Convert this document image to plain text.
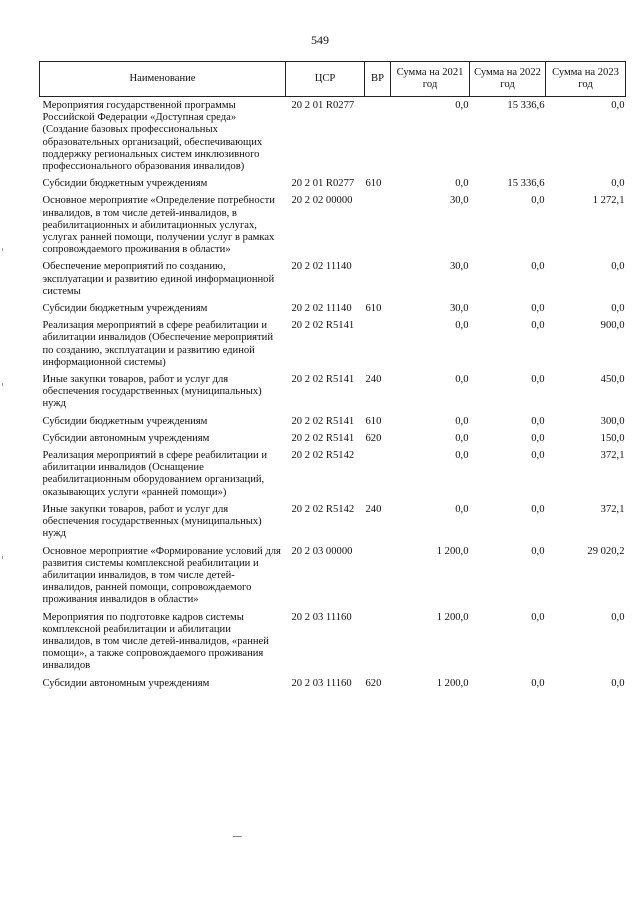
549
Наименование	ЦСР	ВР	Сумма на 2021 год	Сумма на 2022 год	Сумма на 2023 год
Мероприятия государственной программы Российской Федерации «Доступная среда» (Создание базовых профессиональных образовательных организаций, обеспечивающих поддержку региональных систем инклюзивного профессионального образования инвалидов)	20 2 01 R0277		0,0	15 336,6	0,0
Субсидии бюджетным учреждениям	20 2 01 R0277	610	0,0	15 336,6	0,0
Основное мероприятие «Определение потребности инвалидов, в том числе детей-инвалидов, в реабилитационных и абилитационных услугах, услугах ранней помощи, получении услуг в рамках сопровождаемого проживания в области»	20 2 02 00000		30,0	0,0	1 272,1
Обеспечение мероприятий по созданию, эксплуатации и развитию единой информационной системы	20 2 02 11140		30,0	0,0	0,0
Субсидии бюджетным учреждениям	20 2 02 11140	610	30,0	0,0	0,0
Реализация мероприятий в сфере реабилитации и абилитации инвалидов (Обеспечение мероприятий по созданию, эксплуатации и развитию единой информационной системы)	20 2 02 R5141		0,0	0,0	900,0
Иные закупки товаров, работ и услуг для обеспечения государственных (муниципальных) нужд	20 2 02 R5141	240	0,0	0,0	450,0
Субсидии бюджетным учреждениям	20 2 02 R5141	610	0,0	0,0	300,0
Субсидии автономным учреждениям	20 2 02 R5141	620	0,0	0,0	150,0
Реализация мероприятий в сфере реабилитации и абилитации инвалидов (Оснащение реабилитационным оборудованием организаций, оказывающих услуги «ранней помощи»)	20 2 02 R5142		0,0	0,0	372,1
Иные закупки товаров, работ и услуг для обеспечения государственных (муниципальных) нужд	20 2 02 R5142	240	0,0	0,0	372,1
Основное мероприятие «Формирование условий для развития системы комплексной реабилитации и абилитации инвалидов, в том числе детей-инвалидов, ранней помощи, сопровождаемого проживания инвалидов в области»	20 2 03 00000		1 200,0	0,0	29 020,2
Мероприятия по подготовке кадров системы комплексной реабилитации и абилитации инвалидов, в том числе детей-инвалидов, «ранней помощи», а также сопровождаемого проживания инвалидов	20 2 03 11160		1 200,0	0,0	0,0
Субсидии автономным учреждениям	20 2 03 11160	620	1 200,0	0,0	0,0
